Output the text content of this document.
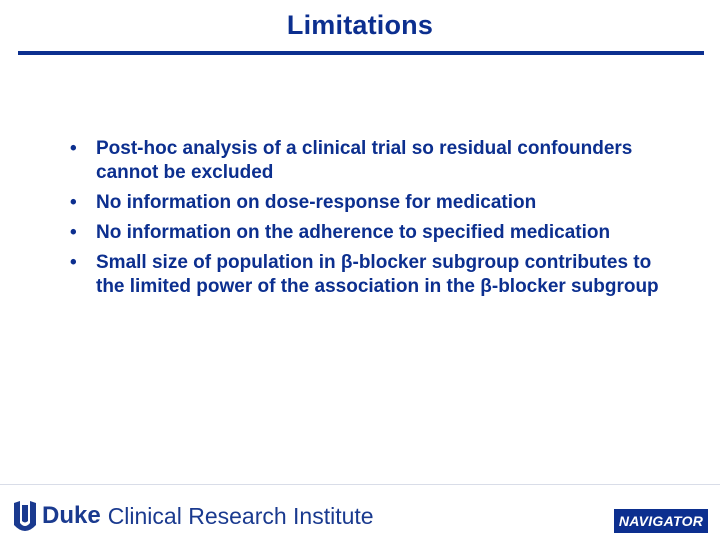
Limitations
• Post-hoc analysis of a clinical trial so residual confounders cannot be excluded
• No information on dose-response for medication
• No information on the adherence to specified medication
• Small size of population in β-blocker subgroup contributes to the limited power of the association in the β-blocker subgroup
Duke Clinical Research Institute	NAVIGATOR
